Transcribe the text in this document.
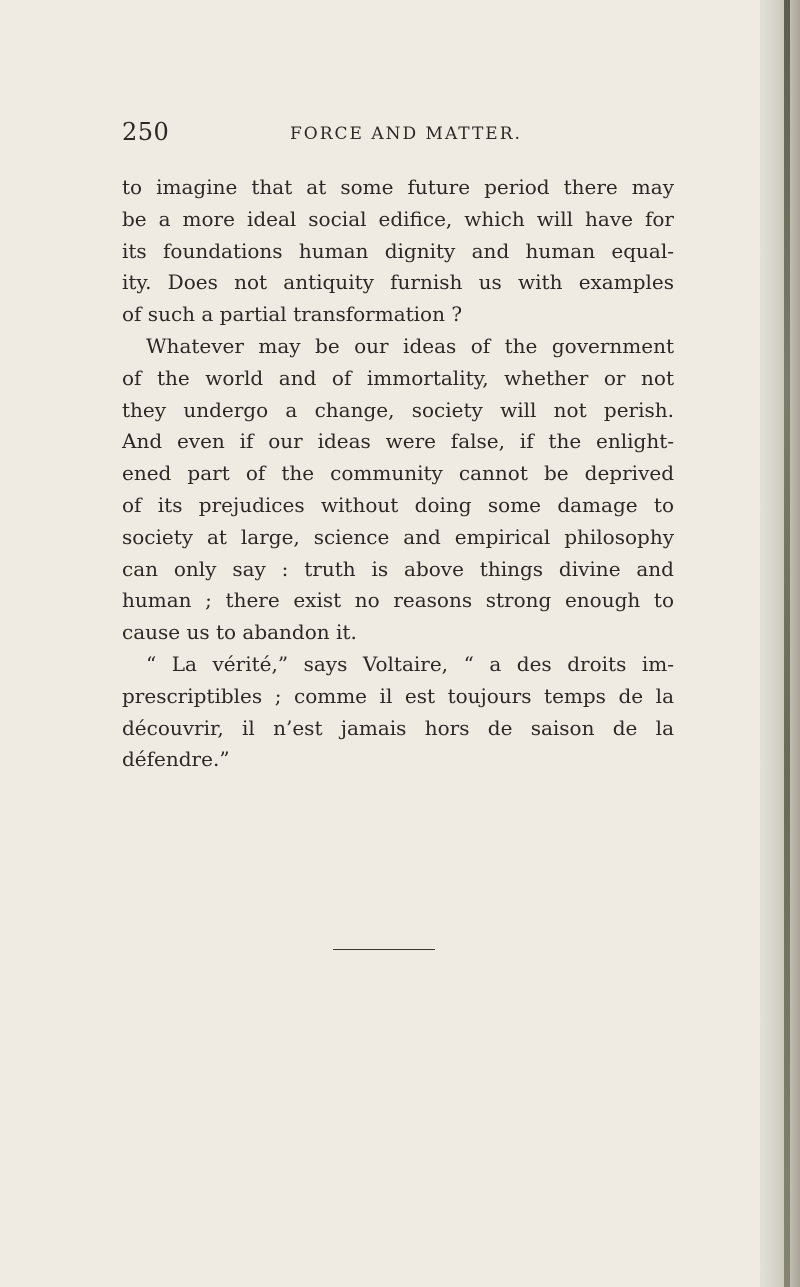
250	FORCE AND MATTER.
to imagine that at some future period there may
be a more ideal social edifice, which will have for
its foundations human dignity and human equal-
ity. Does not antiquity furnish us with examples
of such a partial transformation ?
Whatever may be our ideas of the government
of the world and of immortality, whether or not
they undergo a change, society will not perish.
And even if our ideas were false, if the enlight-
ened part of the community cannot be deprived
of its prejudices without doing some damage to
society at large, science and empirical philosophy
can only say : truth is above things divine and
human ; there exist no reasons strong enough to
cause us to abandon it.
“ La vérité,” says Voltaire, “ a des droits im-
prescriptibles ; comme il est toujours temps de la
découvrir, il n’est jamais hors de saison de la
défendre.”
